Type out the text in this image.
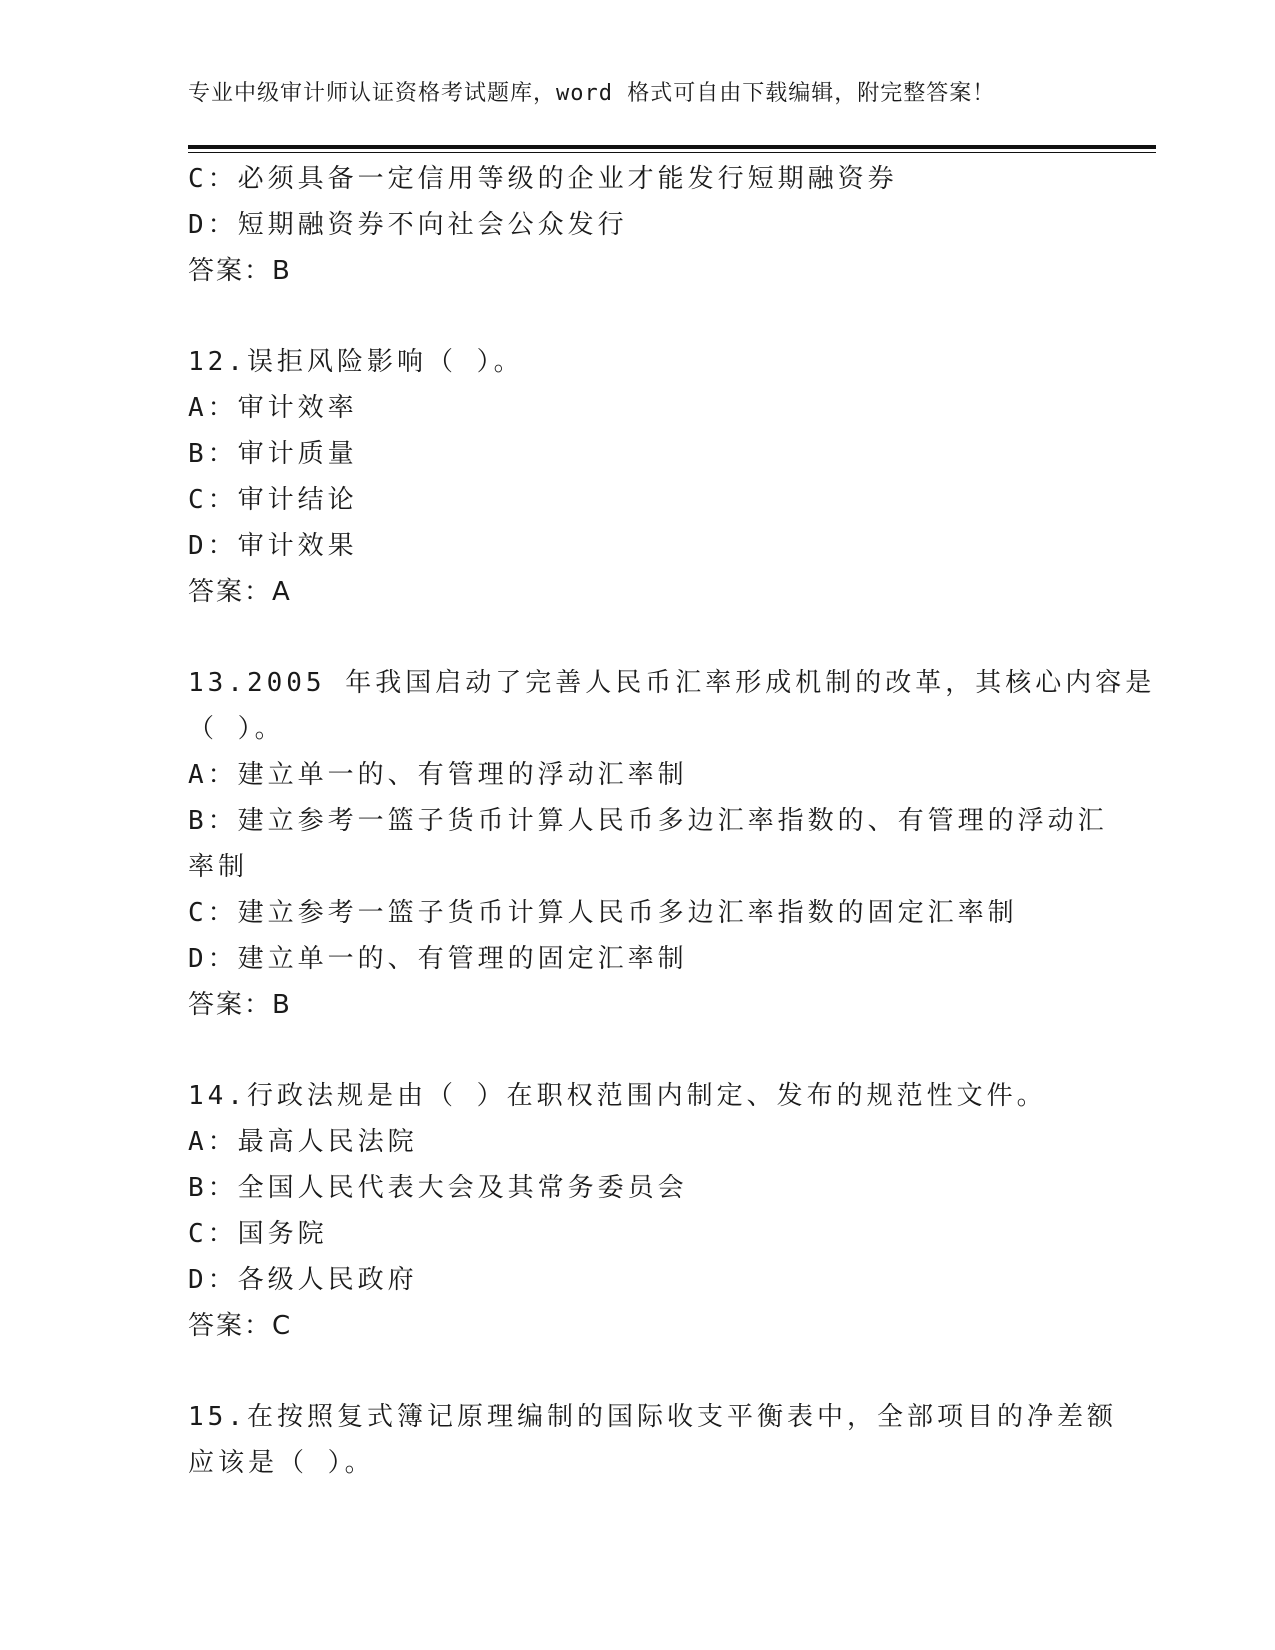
专业中级审计师认证资格考试题库，word 格式可自由下载编辑，附完整答案！
C：必须具备一定信用等级的企业才能发行短期融资券
D：短期融资券不向社会公众发行
答案：B
12.误拒风险影响（ ）。
A：审计效率
B：审计质量
C：审计结论
D：审计效果
答案：A
13.2005 年我国启动了完善人民币汇率形成机制的改革，其核心内容是
（ ）。
A：建立单一的、有管理的浮动汇率制
B：建立参考一篮子货币计算人民币多边汇率指数的、有管理的浮动汇
率制
C：建立参考一篮子货币计算人民币多边汇率指数的固定汇率制
D：建立单一的、有管理的固定汇率制
答案：B
14.行政法规是由（ ）在职权范围内制定、发布的规范性文件。
A：最高人民法院
B：全国人民代表大会及其常务委员会
C：国务院
D：各级人民政府
答案：C
15.在按照复式簿记原理编制的国际收支平衡表中，全部项目的净差额
应该是（ ）。
